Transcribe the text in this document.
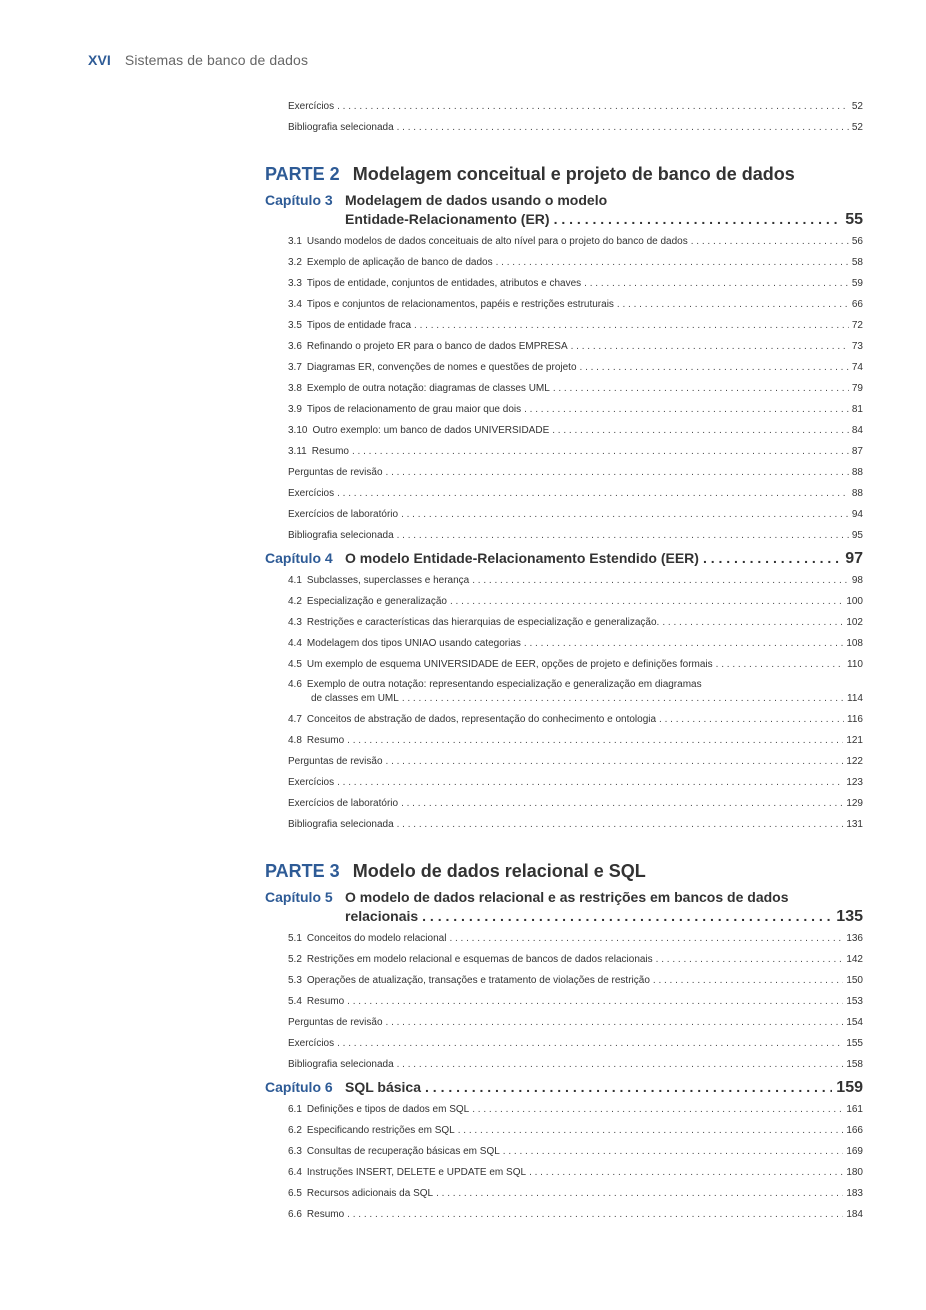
XVI Sistemas de banco de dados
Exercícios . . .	52
Bibliografia selecionada . . .	52
PARTE 2 Modelagem conceitual e projeto de banco de dados
Capítulo 3 Modelagem de dados usando o modelo
Entidade-Relacionamento (ER) . . .	55
3.1 Usando modelos de dados conceituais de alto nível para o projeto do banco de dados . . .	56
3.2 Exemplo de aplicação de banco de dados . . .	58
3.3 Tipos de entidade, conjuntos de entidades, atributos e chaves . . .	59
3.4 Tipos e conjuntos de relacionamentos, papéis e restrições estruturais . . .	66
3.5 Tipos de entidade fraca . . .	72
3.6 Refinando o projeto ER para o banco de dados EMPRESA . . .	73
3.7 Diagramas ER, convenções de nomes e questões de projeto . . .	74
3.8 Exemplo de outra notação: diagramas de classes UML . . .	79
3.9 Tipos de relacionamento de grau maior que dois . . .	81
3.10 Outro exemplo: um banco de dados UNIVERSIDADE . . .	84
3.11 Resumo . . .	87
Perguntas de revisão . . .	88
Exercícios . . .	88
Exercícios de laboratório . . .	94
Bibliografia selecionada . . .	95
Capítulo 4 O modelo Entidade-Relacionamento Estendido (EER) . . .	97
4.1 Subclasses, superclasses e herança . . .	98
4.2 Especialização e generalização . . .	100
4.3 Restrições e características das hierarquias de especialização e generalização. . . .	102
4.4 Modelagem dos tipos UNIAO usando categorias . . .	108
4.5 Um exemplo de esquema UNIVERSIDADE de EER, opções de projeto e definições formais . . .	110
4.6 Exemplo de outra notação: representando especialização e generalização em diagramas
de classes em UML . . .	114
4.7 Conceitos de abstração de dados, representação do conhecimento e ontologia . . .	116
4.8 Resumo . . .	121
Perguntas de revisão . . .	122
Exercícios . . .	123
Exercícios de laboratório . . .	129
Bibliografia selecionada . . .	131
PARTE 3 Modelo de dados relacional e SQL
Capítulo 5 O modelo de dados relacional e as restrições em bancos de dados
relacionais . . .	135
5.1 Conceitos do modelo relacional . . .	136
5.2 Restrições em modelo relacional e esquemas de bancos de dados relacionais . . .	142
5.3 Operações de atualização, transações e tratamento de violações de restrição . . .	150
5.4 Resumo . . .	153
Perguntas de revisão . . .	154
Exercícios . . .	155
Bibliografia selecionada . . .	158
Capítulo 6 SQL básica . . .	159
6.1 Definições e tipos de dados em SQL . . .	161
6.2 Especificando restrições em SQL . . .	166
6.3 Consultas de recuperação básicas em SQL . . .	169
6.4 Instruções INSERT, DELETE e UPDATE em SQL . . .	180
6.5 Recursos adicionais da SQL . . .	183
6.6 Resumo . . .	184
